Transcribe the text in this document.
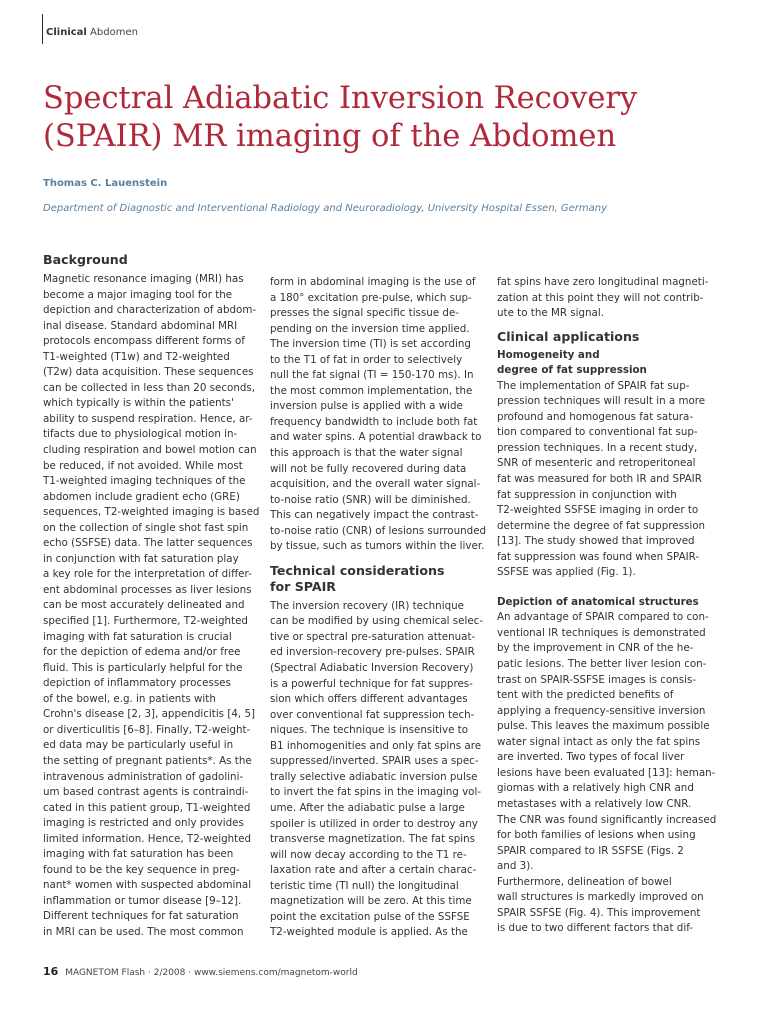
Clinical Abdomen
Spectral Adiabatic Inversion Recovery
(SPAIR) MR imaging of the Abdomen
Thomas C. Lauenstein
Department of Diagnostic and Interventional Radiology and Neuroradiology, University Hospital Essen, Germany
Background
Magnetic resonance imaging (MRI) has
become a major imaging tool for the
depiction and characterization of abdom-
inal disease. Standard abdominal MRI
protocols encompass different forms of
T1-weighted (T1w) and T2-weighted
(T2w) data acquisition. These sequences
can be collected in less than 20 seconds,
which typically is within the patients'
ability to suspend respiration. Hence, ar-
tifacts due to physiological motion in-
cluding respiration and bowel motion can
be reduced, if not avoided. While most
T1-weighted imaging techniques of the
abdomen include gradient echo (GRE)
sequences, T2-weighted imaging is based
on the collection of single shot fast spin
echo (SSFSE) data. The latter sequences
in conjunction with fat saturation play
a key role for the interpretation of differ-
ent abdominal processes as liver lesions
can be most accurately delineated and
specified [1]. Furthermore, T2-weighted
imaging with fat saturation is crucial
for the depiction of edema and/or free
fluid. This is particularly helpful for the
depiction of inflammatory processes
of the bowel, e.g. in patients with
Crohn's disease [2, 3], appendicitis [4, 5]
or diverticulitis [6–8]. Finally, T2-weight-
ed data may be particularly useful in
the setting of pregnant patients*. As the
intravenous administration of gadolini-
um based contrast agents is contraindi-
cated in this patient group, T1-weighted
imaging is restricted and only provides
limited information. Hence, T2-weighted
imaging with fat saturation has been
found to be the key sequence in preg-
nant* women with suspected abdominal
inflammation or tumor disease [9–12].
Different techniques for fat saturation
in MRI can be used. The most common
form in abdominal imaging is the use of
a 180° excitation pre-pulse, which sup-
presses the signal specific tissue de-
pending on the inversion time applied.
The inversion time (TI) is set according
to the T1 of fat in order to selectively
null the fat signal (TI = 150-170 ms). In
the most common implementation, the
inversion pulse is applied with a wide
frequency bandwidth to include both fat
and water spins. A potential drawback to
this approach is that the water signal
will not be fully recovered during data
acquisition, and the overall water signal-
to-noise ratio (SNR) will be diminished.
This can negatively impact the contrast-
to-noise ratio (CNR) of lesions surrounded
by tissue, such as tumors within the liver.
Technical considerations
for SPAIR
The inversion recovery (IR) technique
can be modified by using chemical selec-
tive or spectral pre-saturation attenuat-
ed inversion-recovery pre-pulses. SPAIR
(Spectral Adiabatic Inversion Recovery)
is a powerful technique for fat suppres-
sion which offers different advantages
over conventional fat suppression tech-
niques. The technique is insensitive to
B1 inhomogenities and only fat spins are
suppressed/inverted. SPAIR uses a spec-
trally selective adiabatic inversion pulse
to invert the fat spins in the imaging vol-
ume. After the adiabatic pulse a large
spoiler is utilized in order to destroy any
transverse magnetization. The fat spins
will now decay according to the T1 re-
laxation rate and after a certain charac-
teristic time (TI null) the longitudinal
magnetization will be zero. At this time
point the excitation pulse of the SSFSE
T2-weighted module is applied. As the
fat spins have zero longitudinal magneti-
zation at this point they will not contrib-
ute to the MR signal.
Clinical applications
Homogeneity and
degree of fat suppression
The implementation of SPAIR fat sup-
pression techniques will result in a more
profound and homogenous fat satura-
tion compared to conventional fat sup-
pression techniques. In a recent study,
SNR of mesenteric and retroperitoneal
fat was measured for both IR and SPAIR
fat suppression in conjunction with
T2-weighted SSFSE imaging in order to
determine the degree of fat suppression
[13]. The study showed that improved
fat suppression was found when SPAIR-
SSFSE was applied (Fig. 1).
Depiction of anatomical structures
An advantage of SPAIR compared to con-
ventional IR techniques is demonstrated
by the improvement in CNR of the he-
patic lesions. The better liver lesion con-
trast on SPAIR-SSFSE images is consis-
tent with the predicted benefits of
applying a frequency-sensitive inversion
pulse. This leaves the maximum possible
water signal intact as only the fat spins
are inverted. Two types of focal liver
lesions have been evaluated [13]: heman-
giomas with a relatively high CNR and
metastases with a relatively low CNR.
The CNR was found significantly increased
for both families of lesions when using
SPAIR compared to IR SSFSE (Figs. 2
and 3).
Furthermore, delineation of bowel
wall structures is markedly improved on
SPAIR SSFSE (Fig. 4). This improvement
is due to two different factors that dif-
16 MAGNETOM Flash · 2/2008 · www.siemens.com/magnetom-world
